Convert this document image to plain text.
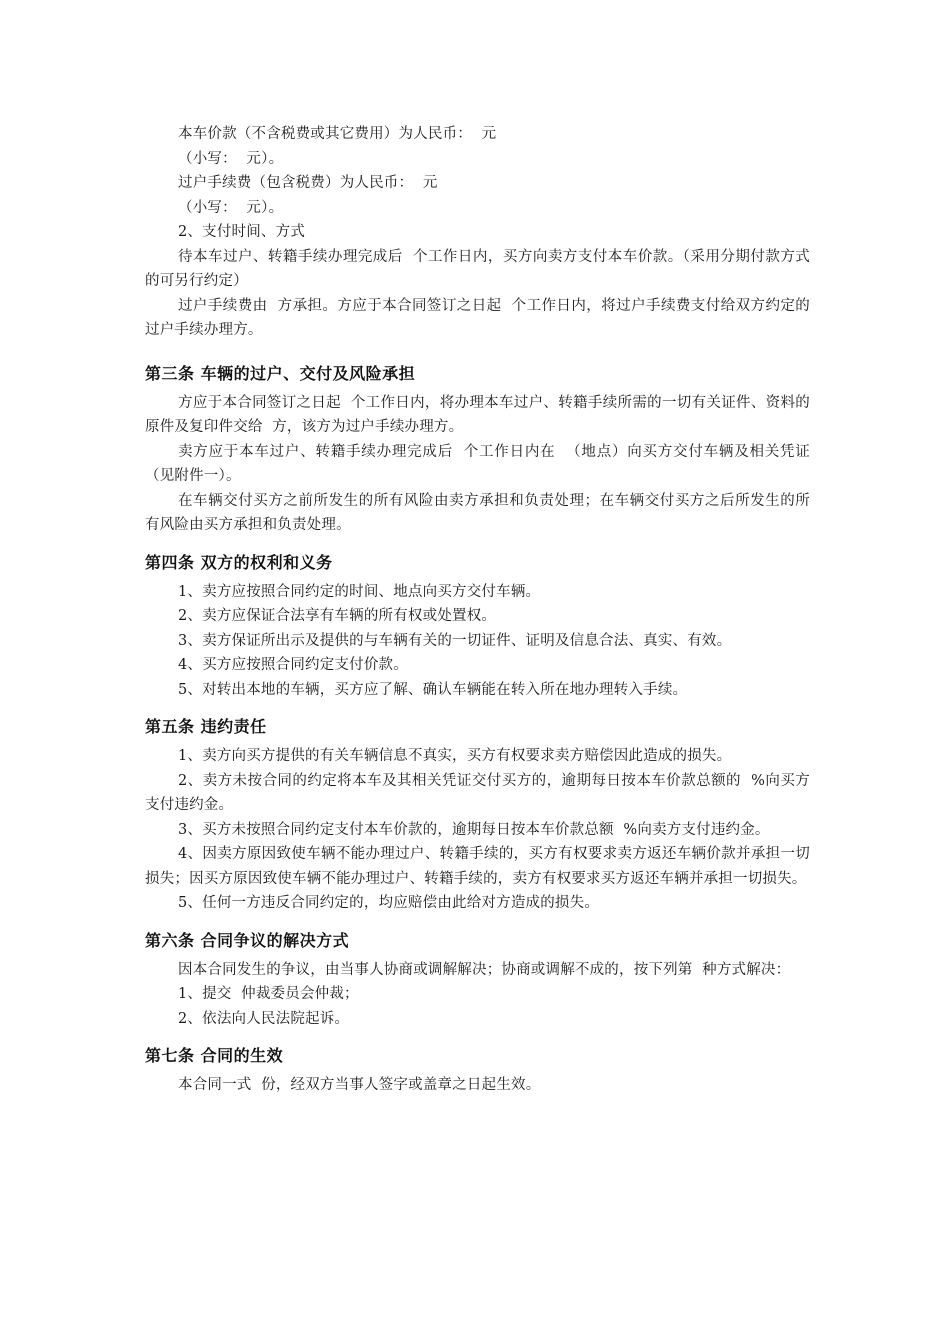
本车价款（不含税费或其它费用）为人民币：  元

（小写：  元）。

过户手续费（包含税费）为人民币：  元

（小写：  元）。

2、支付时间、方式

待本车过户、转籍手续办理完成后  个工作日内，买方向卖方支付本车价款。（采用分期付款方式的可另行约定）

过户手续费由  方承担。方应于本合同签订之日起  个工作日内，将过户手续费支付给双方约定的过户手续办理方。

第三条 车辆的过户、交付及风险承担

方应于本合同签订之日起  个工作日内，将办理本车过户、转籍手续所需的一切有关证件、资料的原件及复印件交给  方，该方为过户手续办理方。

卖方应于本车过户、转籍手续办理完成后  个工作日内在  （地点）向买方交付车辆及相关凭证（见附件一）。

在车辆交付买方之前所发生的所有风险由卖方承担和负责处理；在车辆交付买方之后所发生的所有风险由买方承担和负责处理。

第四条 双方的权利和义务

1、卖方应按照合同约定的时间、地点向买方交付车辆。

2、卖方应保证合法享有车辆的所有权或处置权。

3、卖方保证所出示及提供的与车辆有关的一切证件、证明及信息合法、真实、有效。

4、买方应按照合同约定支付价款。

5、对转出本地的车辆，买方应了解、确认车辆能在转入所在地办理转入手续。

第五条 违约责任

1、卖方向买方提供的有关车辆信息不真实，买方有权要求卖方赔偿因此造成的损失。

2、卖方未按合同的约定将本车及其相关凭证交付买方的，逾期每日按本车价款总额的  %向买方支付违约金。

3、买方未按照合同约定支付本车价款的，逾期每日按本车价款总额  %向卖方支付违约金。

4、因卖方原因致使车辆不能办理过户、转籍手续的，买方有权要求卖方返还车辆价款并承担一切损失；因买方原因致使车辆不能办理过户、转籍手续的，卖方有权要求买方返还车辆并承担一切损失。

5、任何一方违反合同约定的，均应赔偿由此给对方造成的损失。

第六条 合同争议的解决方式

因本合同发生的争议，由当事人协商或调解解决；协商或调解不成的，按下列第  种方式解决：

1、提交  仲裁委员会仲裁；

2、依法向人民法院起诉。

第七条 合同的生效

本合同一式  份，经双方当事人签字或盖章之日起生效。
